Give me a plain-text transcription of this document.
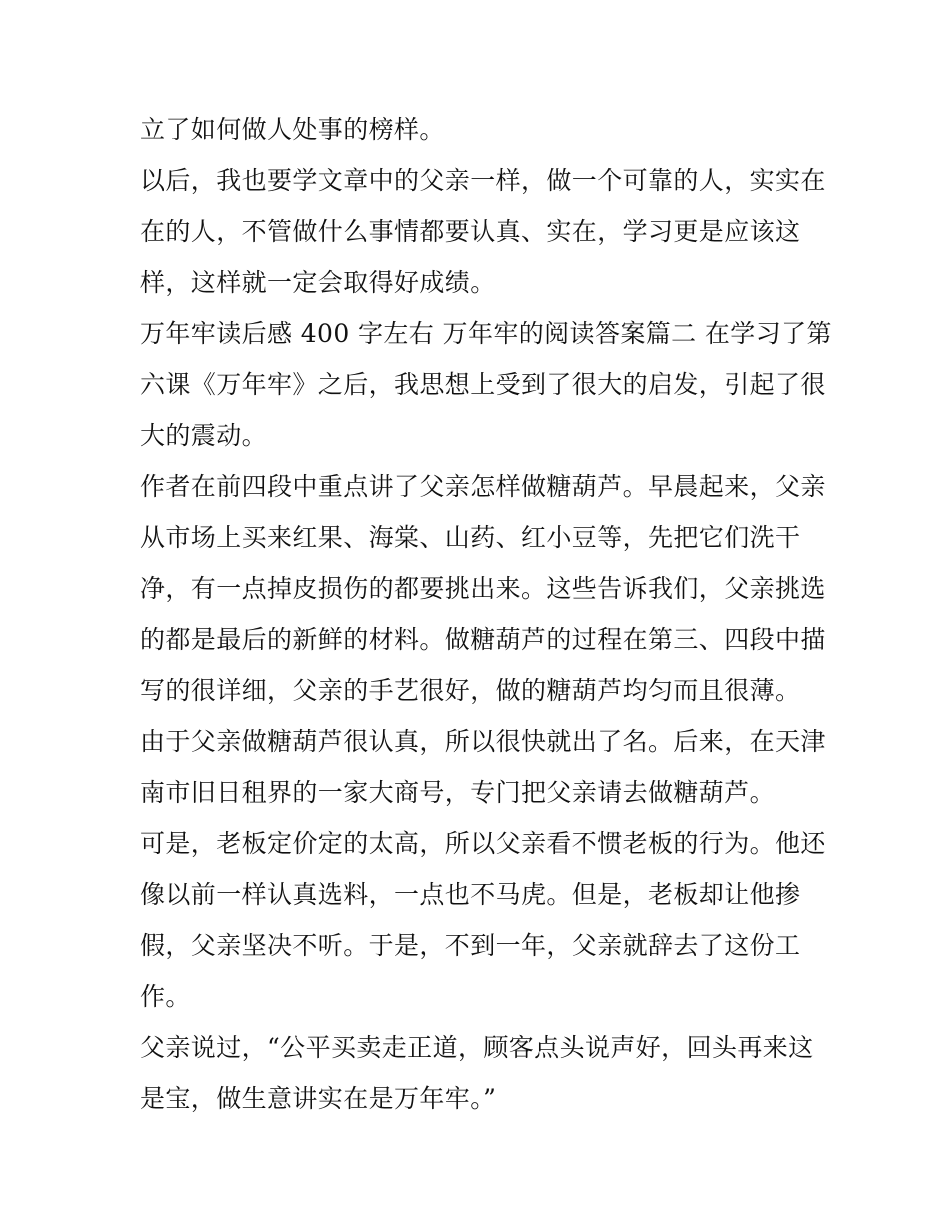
立了如何做人处事的榜样。
以后，我也要学文章中的父亲一样，做一个可靠的人，实实在
在的人，不管做什么事情都要认真、实在，学习更是应该这
样，这样就一定会取得好成绩。
万年牢读后感 400 字左右 万年牢的阅读答案篇二 在学习了第
六课《万年牢》之后，我思想上受到了很大的启发，引起了很
大的震动。
作者在前四段中重点讲了父亲怎样做糖葫芦。早晨起来，父亲
从市场上买来红果、海棠、山药、红小豆等，先把它们洗干
净，有一点掉皮损伤的都要挑出来。这些告诉我们，父亲挑选
的都是最后的新鲜的材料。做糖葫芦的过程在第三、四段中描
写的很详细，父亲的手艺很好，做的糖葫芦均匀而且很薄。
由于父亲做糖葫芦很认真，所以很快就出了名。后来，在天津
南市旧日租界的一家大商号，专门把父亲请去做糖葫芦。
可是，老板定价定的太高，所以父亲看不惯老板的行为。他还
像以前一样认真选料，一点也不马虎。但是，老板却让他掺
假，父亲坚决不听。于是，不到一年，父亲就辞去了这份工
作。
父亲说过，“公平买卖走正道，顾客点头说声好，回头再来这
是宝，做生意讲实在是万年牢。”
